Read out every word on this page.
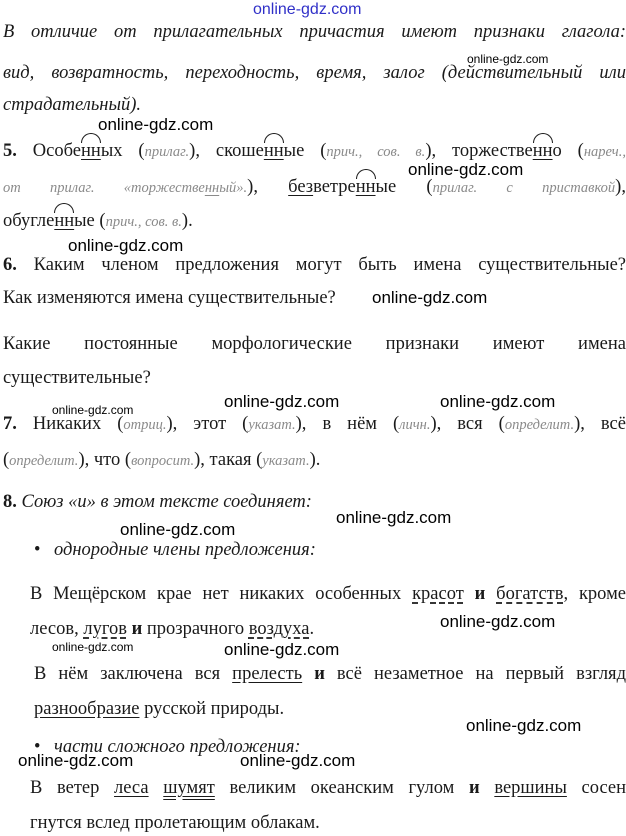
online-gdz.com
online-gdz.com
online-gdz.com
online-gdz.com
online-gdz.com
online-gdz.com
online-gdz.com	online-gdz.com
online-gdz.com
online-gdz.com
online-gdz.com
online-gdz.com
online-gdz.com	online-gdz.com
online-gdz.com
online-gdz.com	online-gdz.com

В отличие от прилагательных причастия имеют признаки глагола:

вид, возвратность, переходность, время, залог (действительный или

страдательный).

5. Особенных (прилаг.), скошенные (прич., сов. в.), торжественно (нареч.,

от прилаг. «торжественный».), безветренные (прилаг. с приставкой),

обугленные (прич., сов. в.).

6. Каким членом предложения могут быть имена существительные?

Как изменяются имена существительные?

Какие постоянные морфологические признаки имеют имена

существительные?

7. Никаких (отриц.), этот (указат.), в нём (личн.), вся (определит.), всё

(определит.), что (вопросит.), такая (указат.).

8. Союз «и» в этом тексте соединяет:

• однородные члены предложения:

В Мещёрском крае нет никаких особенных красот и богатств, кроме

лесов, лугов и прозрачного воздуха.

В нём заключена вся прелесть и всё незаметное на первый взгляд

разнообразие русской природы.

• части сложного предложения:

В ветер леса шумят великим океанским гулом и вершины сосен

гнутся вслед пролетающим облакам.
